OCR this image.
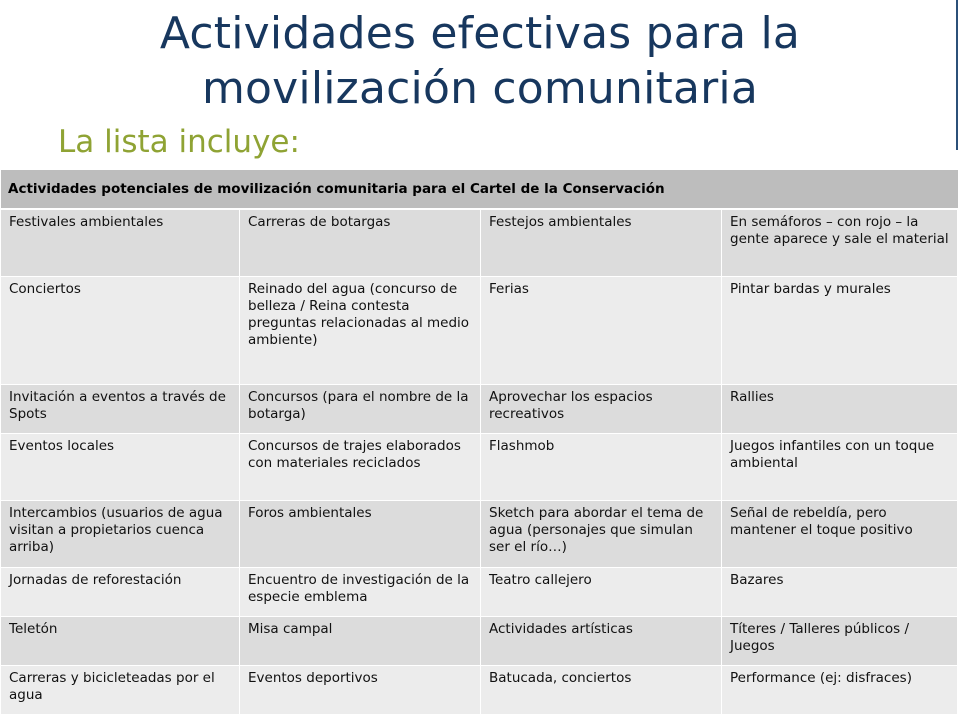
Actividades efectivas para la
movilización comunitaria
La lista incluye:
Actividades potenciales de movilización comunitaria para el Cartel de la Conservación			
Festivales ambientales	Carreras de botargas	Festejos ambientales	En semáforos – con rojo – la gente aparece y sale el material
Conciertos	Reinado del agua (concurso de belleza / Reina contesta preguntas relacionadas al medio ambiente)	Ferias	Pintar bardas y murales
Invitación a eventos a través de Spots	Concursos (para el nombre de la botarga)	Aprovechar los espacios recreativos	Rallies
Eventos locales	Concursos de trajes elaborados con materiales reciclados	Flashmob	Juegos infantiles con un toque ambiental
Intercambios (usuarios de agua visitan a propietarios cuenca arriba)	Foros ambientales	Sketch para abordar el tema de agua (personajes que simulan ser el río…)	Señal de rebeldía, pero mantener el toque positivo
Jornadas de reforestación	Encuentro de investigación de la especie emblema	Teatro callejero	Bazares
Teletón	Misa campal	Actividades artísticas	Títeres / Talleres públicos / Juegos
Carreras y bicicleteadas por el agua	Eventos deportivos	Batucada, conciertos	Performance (ej: disfraces)
